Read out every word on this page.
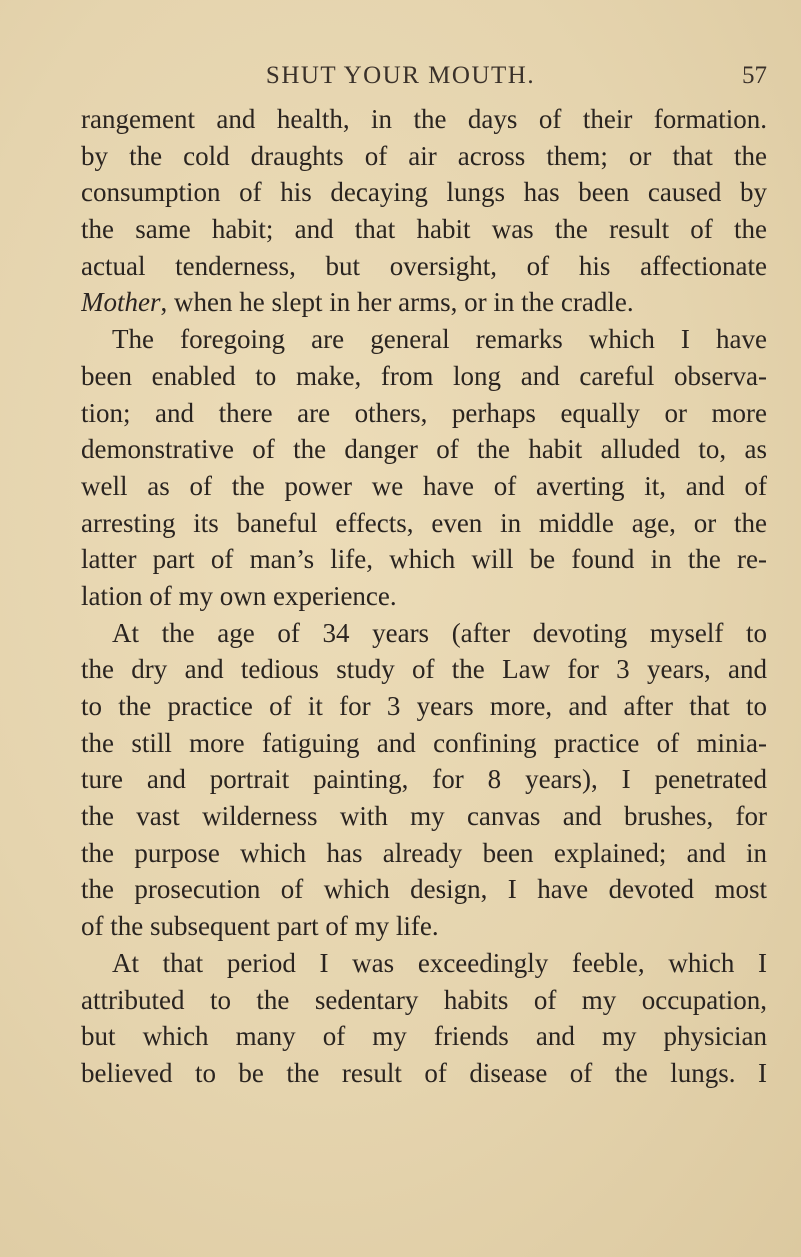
SHUT YOUR MOUTH.	57
rangement and health, in the days of their formation.
by the cold draughts of air across them; or that the
consumption of his decaying lungs has been caused by
the same habit; and that habit was the result of the
actual tenderness, but oversight, of his affectionate
Mother, when he slept in her arms, or in the cradle.
The foregoing are general remarks which I have
been enabled to make, from long and careful observa-
tion; and there are others, perhaps equally or more
demonstrative of the danger of the habit alluded to, as
well as of the power we have of averting it, and of
arresting its baneful effects, even in middle age, or the
latter part of man’s life, which will be found in the re-
lation of my own experience.
At the age of 34 years (after devoting myself to
the dry and tedious study of the Law for 3 years, and
to the practice of it for 3 years more, and after that to
the still more fatiguing and confining practice of minia-
ture and portrait painting, for 8 years), I penetrated
the vast wilderness with my canvas and brushes, for
the purpose which has already been explained; and in
the prosecution of which design, I have devoted most
of the subsequent part of my life.
At that period I was exceedingly feeble, which I
attributed to the sedentary habits of my occupation,
but which many of my friends and my physician
believed to be the result of disease of the lungs. I
